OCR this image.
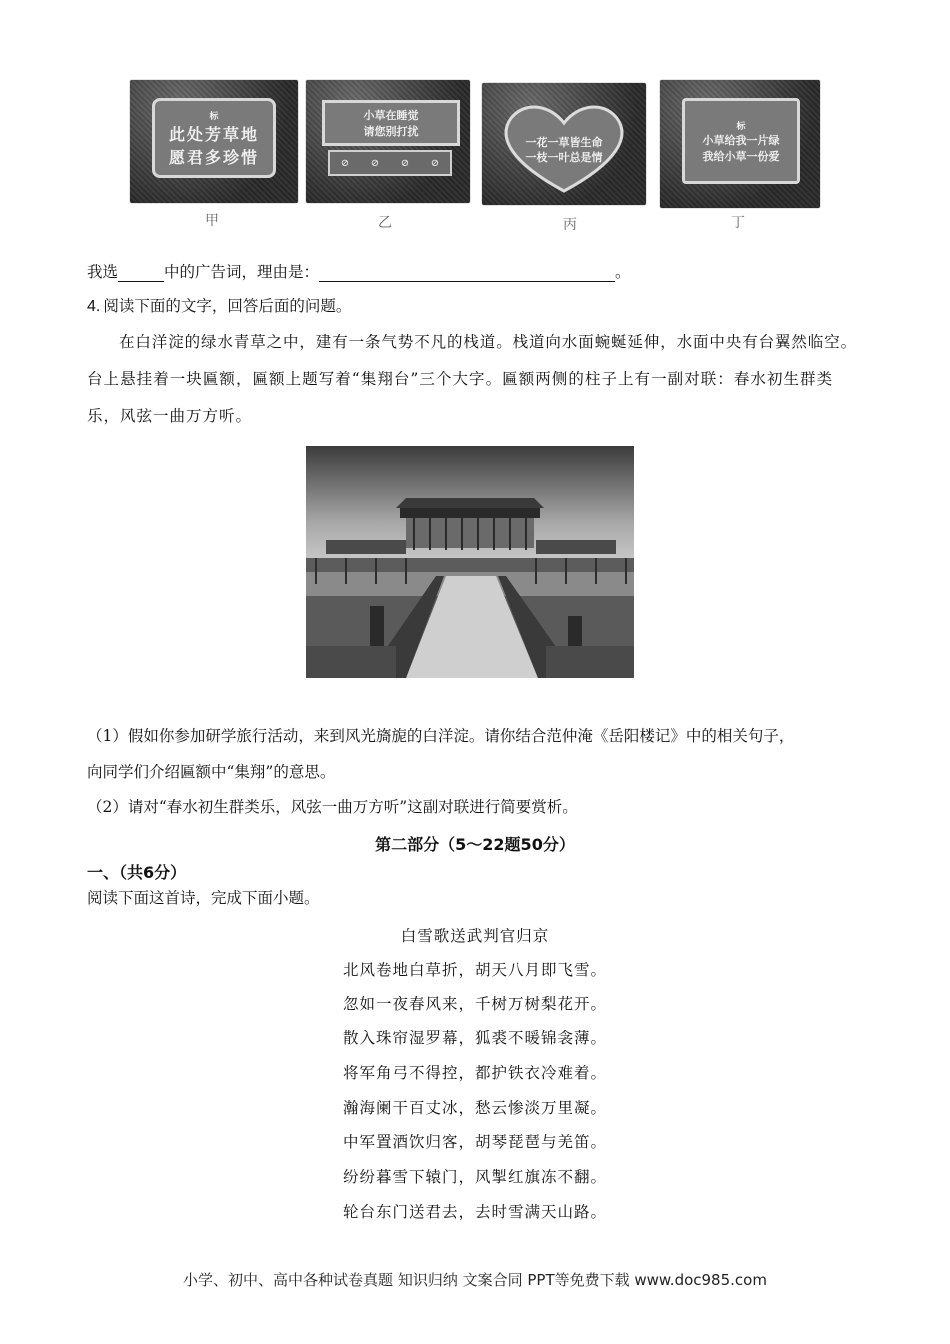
标
此处芳草地
愿君多珍惜
小草在睡觉
请您别打扰
⊘ ⊘ ⊘ ⊘
一花一草皆生命
一枝一叶总是情
标
小草给我一片绿
我给小草一份爱
甲	乙	丙	丁
我选	中的广告词，理由是：	。
4. 阅读下面的文字，回答后面的问题。
在白洋淀的绿水青草之中，建有一条气势不凡的栈道。栈道向水面蜿蜒延伸，水面中央有台翼然临空。
台上悬挂着一块匾额，匾额上题写着“集翔台”三个大字。匾额两侧的柱子上有一副对联：春水初生群类
乐，风弦一曲万方听。
（1）假如你参加研学旅行活动，来到风光旖旎的白洋淀。请你结合范仲淹《岳阳楼记》中的相关句子，
向同学们介绍匾额中“集翔”的意思。
（2）请对“春水初生群类乐，风弦一曲万方听”这副对联进行简要赏析。
第二部分（5～22题50分）
一、（共6分）
阅读下面这首诗，完成下面小题。
白雪歌送武判官归京
北风卷地白草折，胡天八月即飞雪。
忽如一夜春风来，千树万树梨花开。
散入珠帘湿罗幕，狐裘不暖锦衾薄。
将军角弓不得控，都护铁衣冷难着。
瀚海阑干百丈冰，愁云惨淡万里凝。
中军置酒饮归客，胡琴琵琶与羌笛。
纷纷暮雪下辕门，风掣红旗冻不翻。
轮台东门送君去，去时雪满天山路。
小学、初中、高中各种试卷真题 知识归纳 文案合同 PPT等免费下载 www.doc985.com
